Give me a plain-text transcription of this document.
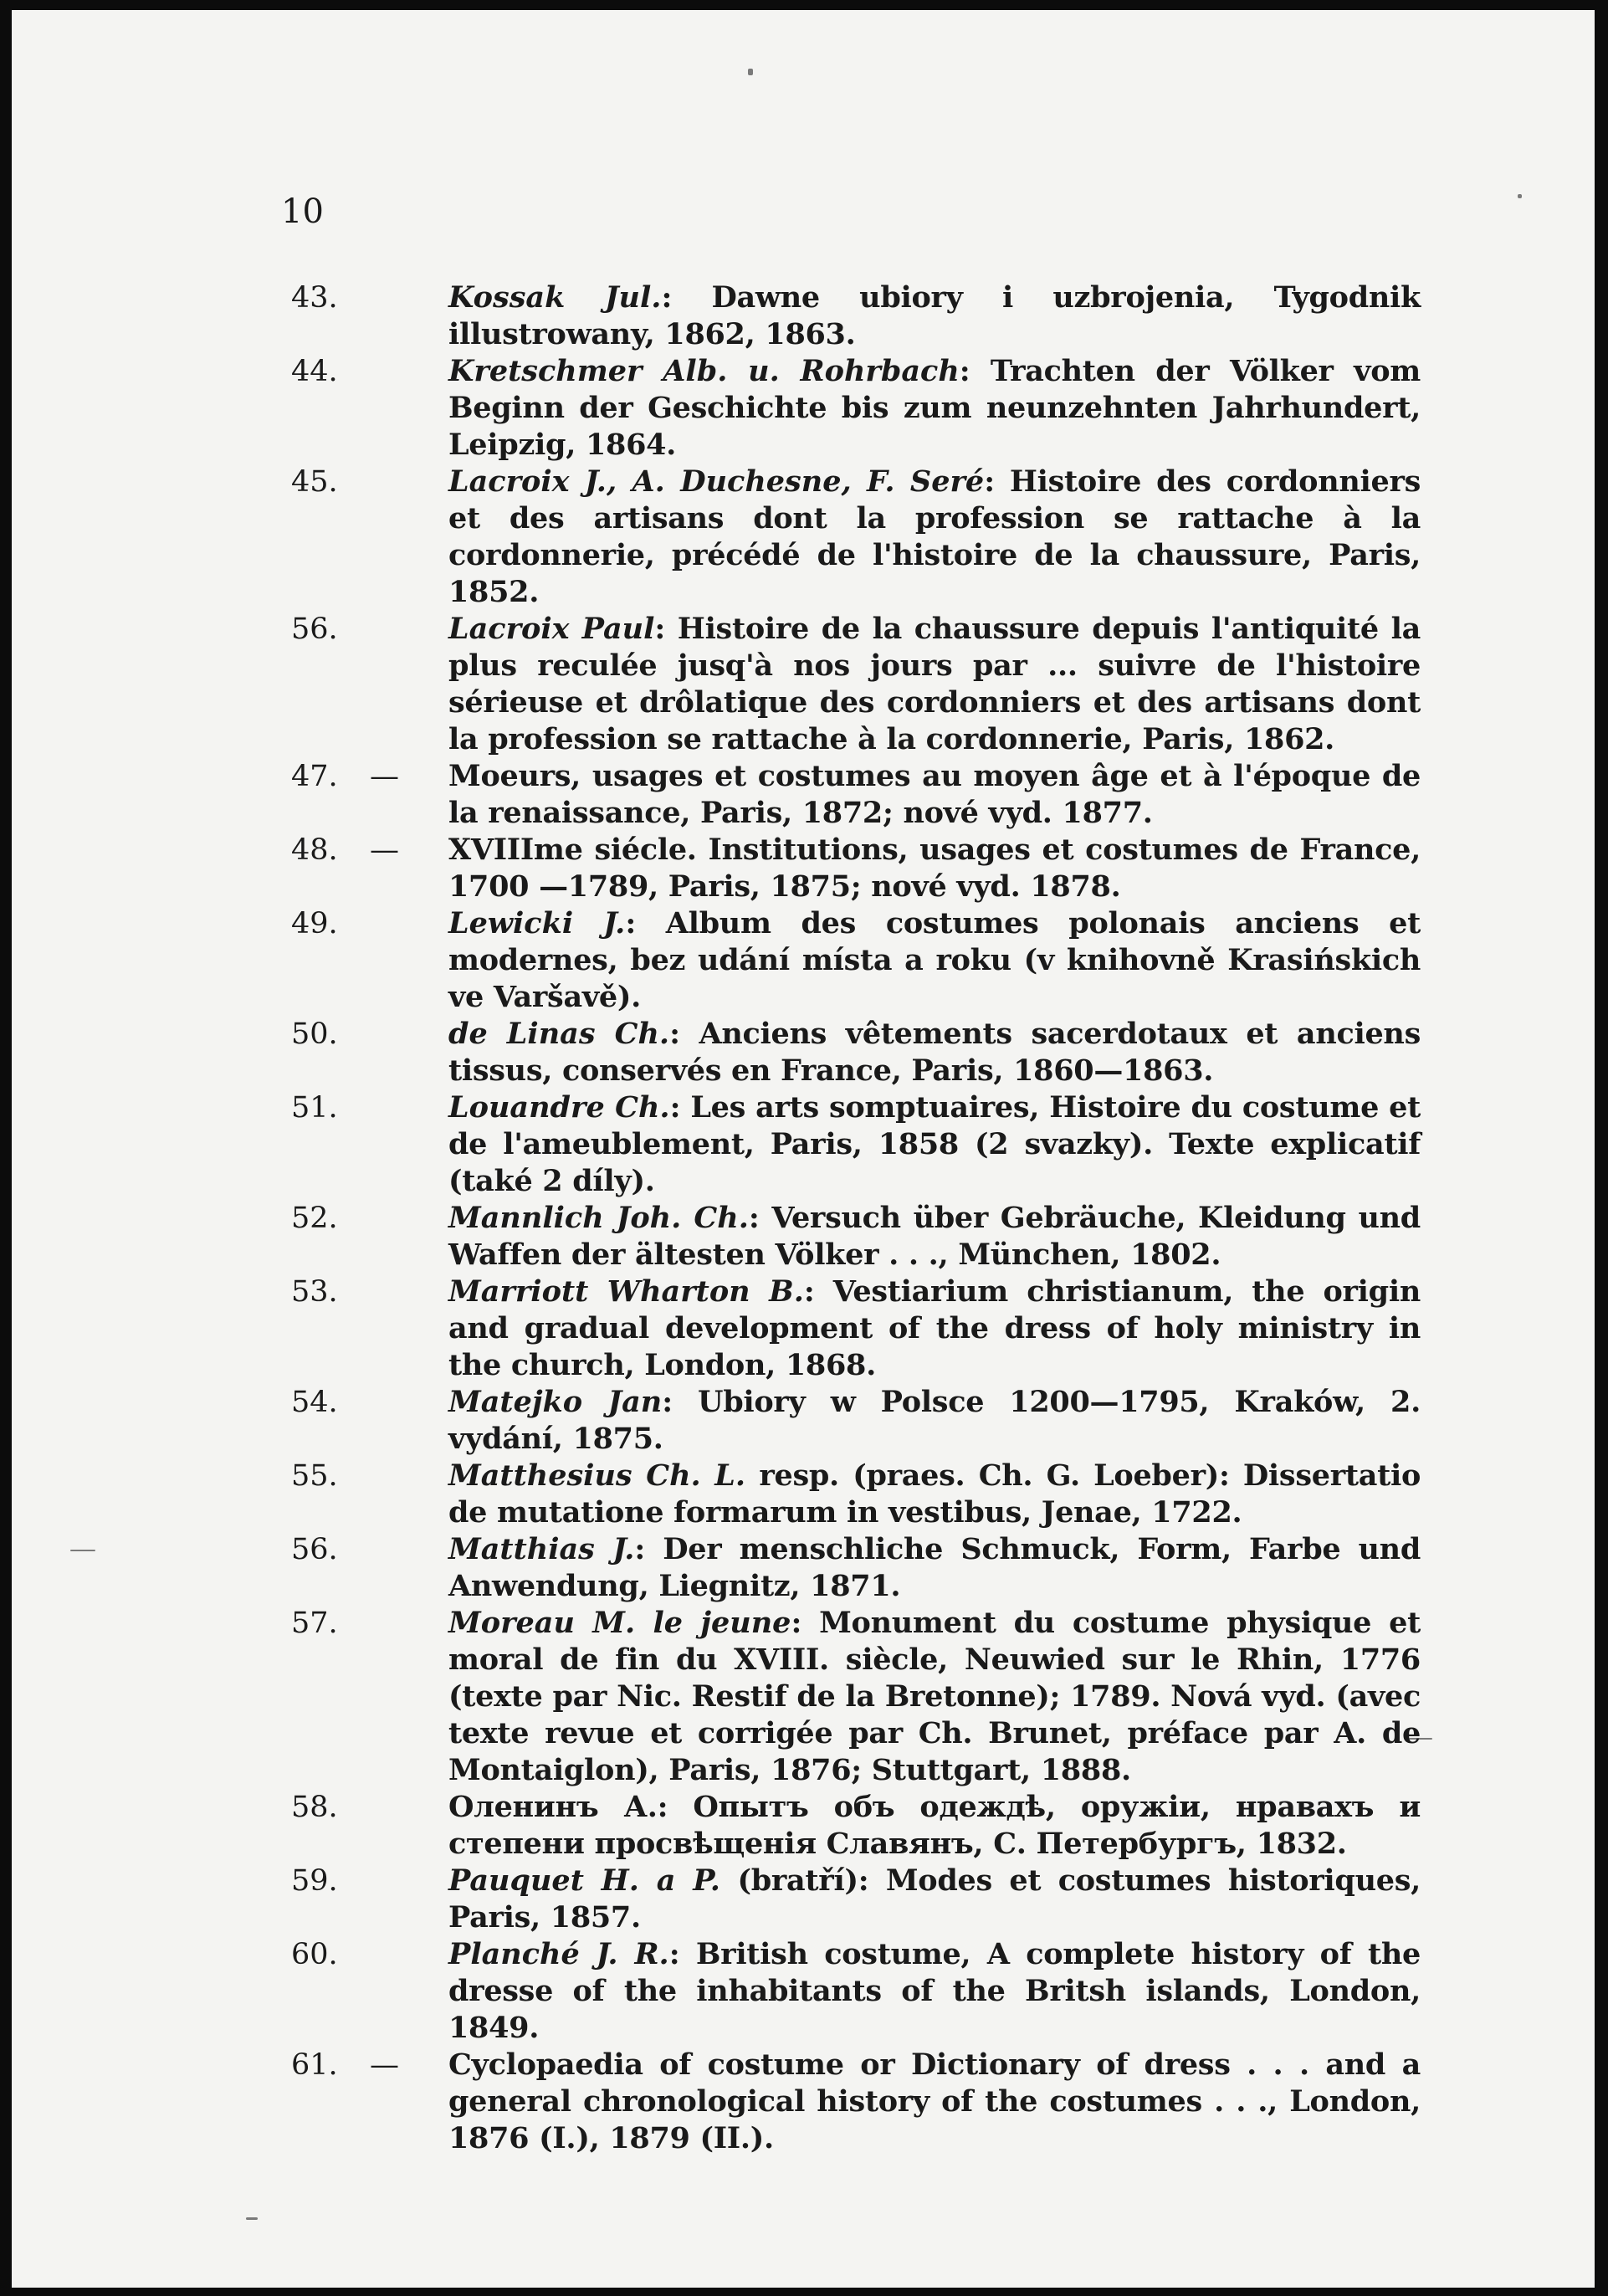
10

43.	Kossak Jul.: Dawne ubiory i uzbrojenia, Tygodnik illustrowany, 1862, 1863.
44.	Kretschmer Alb. u. Rohrbach: Trachten der Völker vom Beginn der Geschichte bis zum neunzehnten Jahrhundert, Leipzig, 1864.
45.	Lacroix J., A. Duchesne, F. Seré: Histoire des cordonniers et des artisans dont la profession se rattache à la cordonnerie, précédé de l'histoire de la chaussure, Paris, 1852.
56.	Lacroix Paul: Histoire de la chaussure depuis l'antiquité la plus reculée jusq'à nos jours par ... suivre de l'histoire sérieuse et drôlatique des cordonniers et des artisans dont la profession se rattache à la cordonnerie, Paris, 1862.
47.	— Moeurs, usages et costumes au moyen âge et à l'époque de la renaissance, Paris, 1872; nové vyd. 1877.
48.	— XVIIIme siécle. Institutions, usages et costumes de France, 1700 —1789, Paris, 1875; nové vyd. 1878.
49.	Lewicki J.: Album des costumes polonais anciens et modernes, bez udání místa a roku (v knihovně Krasińskich ve Varšavě).
50.	de Linas Ch.: Anciens vêtements sacerdotaux et anciens tissus, conservés en France, Paris, 1860—1863.
51.	Louandre Ch.: Les arts somptuaires, Histoire du costume et de l'ameublement, Paris, 1858 (2 svazky). Texte explicatif (také 2 díly).
52.	Mannlich Joh. Ch.: Versuch über Gebräuche, Kleidung und Waffen der ältesten Völker . . ., München, 1802.
53.	Marriott Wharton B.: Vestiarium christianum, the origin and gradual development of the dress of holy ministry in the church, London, 1868.
54.	Matejko Jan: Ubiory w Polsce 1200—1795, Kraków, 2. vydání, 1875.
55.	Matthesius Ch. L. resp. (praes. Ch. G. Loeber): Dissertatio de mutatione formarum in vestibus, Jenae, 1722.
56.	Matthias J.: Der menschliche Schmuck, Form, Farbe und Anwendung, Liegnitz, 1871.
57.	Moreau M. le jeune: Monument du costume physique et moral de fin du XVIII. siècle, Neuwied sur le Rhin, 1776 (texte par Nic. Restif de la Bretonne); 1789. Nová vyd. (avec texte revue et corrigée par Ch. Brunet, préface par A. de Montaiglon), Paris, 1876; Stuttgart, 1888.
58.	Оленинъ А.: Опытъ объ одеждѣ, оружіи, нравахъ и степени просвѣщенія Славянъ, С. Петербургъ, 1832.
59.	Pauquet H. a P. (bratří): Modes et costumes historiques, Paris, 1857.
60.	Planché J. R.: British costume, A complete history of the dresse of the inhabitants of the Britsh islands, London, 1849.
61.	— Cyclopaedia of costume or Dictionary of dress . . . and a general chronological history of the costumes . . ., London, 1876 (I.), 1879 (II.).
